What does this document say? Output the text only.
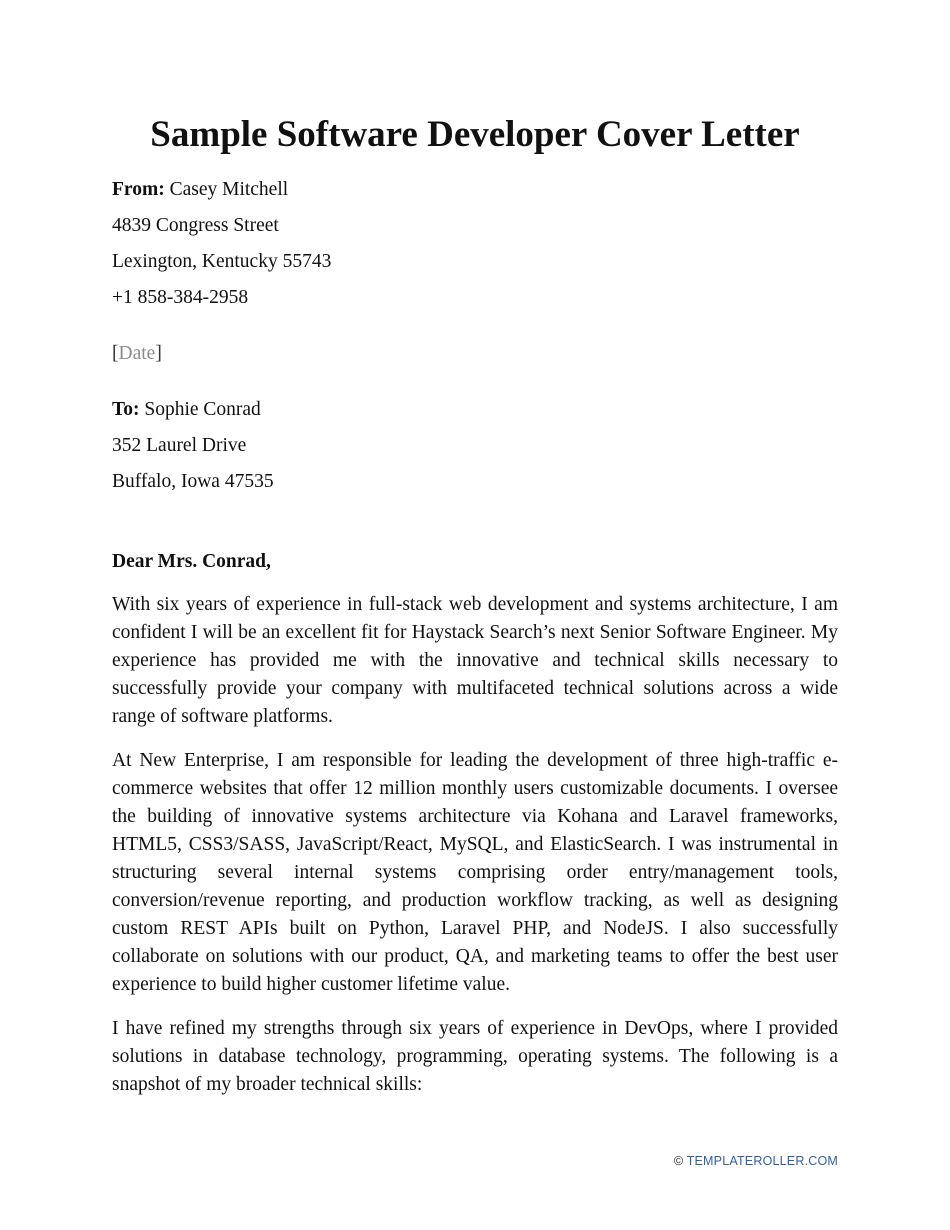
Sample Software Developer Cover Letter

From: Casey Mitchell

4839 Congress Street

Lexington, Kentucky 55743

+1 858-384-2958

[Date]

To: Sophie Conrad

352 Laurel Drive

Buffalo, Iowa 47535

Dear Mrs. Conrad,

With six years of experience in full-stack web development and systems architecture, I am confident I will be an excellent fit for Haystack Search’s next Senior Software Engineer. My experience has provided me with the innovative and technical skills necessary to successfully provide your company with multifaceted technical solutions across a wide range of software platforms.

At New Enterprise, I am responsible for leading the development of three high-traffic e-commerce websites that offer 12 million monthly users customizable documents. I oversee the building of innovative systems architecture via Kohana and Laravel frameworks, HTML5, CSS3/SASS, JavaScript/React, MySQL, and ElasticSearch. I was instrumental in structuring several internal systems comprising order entry/management tools, conversion/revenue reporting, and production workflow tracking, as well as designing custom REST APIs built on Python, Laravel PHP, and NodeJS. I also successfully collaborate on solutions with our product, QA, and marketing teams to offer the best user experience to build higher customer lifetime value.

I have refined my strengths through six years of experience in DevOps, where I provided solutions in database technology, programming, operating systems. The following is a snapshot of my broader technical skills:

© TEMPLATEROLLER.COM
